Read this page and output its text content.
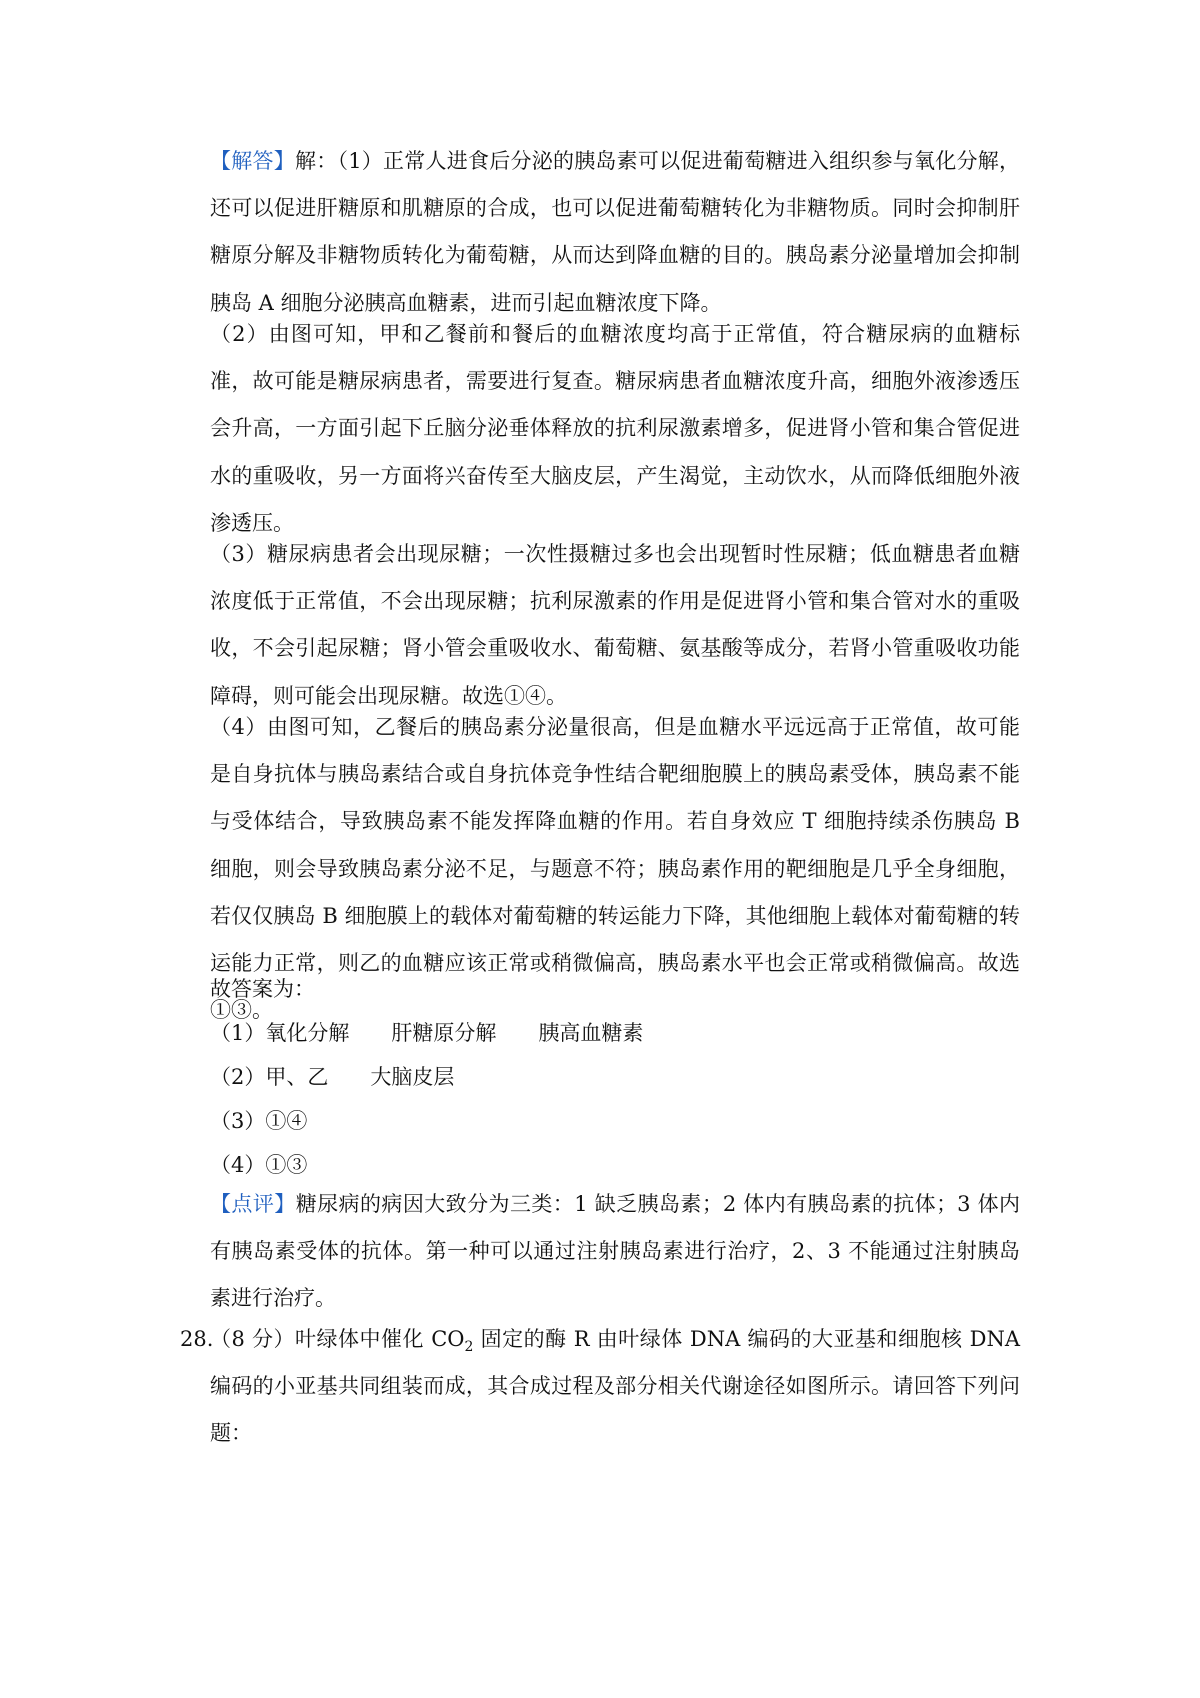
【解答】解：（1）正常人进食后分泌的胰岛素可以促进葡萄糖进入组织参与氧化分解，还可以促进肝糖原和肌糖原的合成，也可以促进葡萄糖转化为非糖物质。同时会抑制肝糖原分解及非糖物质转化为葡萄糖，从而达到降血糖的目的。胰岛素分泌量增加会抑制胰岛 A 细胞分泌胰高血糖素，进而引起血糖浓度下降。

（2）由图可知，甲和乙餐前和餐后的血糖浓度均高于正常值，符合糖尿病的血糖标准，故可能是糖尿病患者，需要进行复查。糖尿病患者血糖浓度升高，细胞外液渗透压会升高，一方面引起下丘脑分泌垂体释放的抗利尿激素增多，促进肾小管和集合管促进水的重吸收，另一方面将兴奋传至大脑皮层，产生渴觉，主动饮水，从而降低细胞外液渗透压。

（3）糖尿病患者会出现尿糖；一次性摄糖过多也会出现暂时性尿糖；低血糖患者血糖浓度低于正常值，不会出现尿糖；抗利尿激素的作用是促进肾小管和集合管对水的重吸收，不会引起尿糖；肾小管会重吸收水、葡萄糖、氨基酸等成分，若肾小管重吸收功能障碍，则可能会出现尿糖。故选①④。

（4）由图可知，乙餐后的胰岛素分泌量很高，但是血糖水平远远高于正常值，故可能是自身抗体与胰岛素结合或自身抗体竞争性结合靶细胞膜上的胰岛素受体，胰岛素不能与受体结合，导致胰岛素不能发挥降血糖的作用。若自身效应 T 细胞持续杀伤胰岛 B 细胞，则会导致胰岛素分泌不足，与题意不符；胰岛素作用的靶细胞是几乎全身细胞，若仅仅胰岛 B 细胞膜上的载体对葡萄糖的转运能力下降，其他细胞上载体对葡萄糖的转运能力正常，则乙的血糖应该正常或稍微偏高，胰岛素水平也会正常或稍微偏高。故选①③。

故答案为：
（1）氧化分解　　肝糖原分解　　胰高血糖素
（2）甲、乙　　大脑皮层
（3）①④
（4）①③

【点评】糖尿病的病因大致分为三类：1 缺乏胰岛素；2 体内有胰岛素的抗体；3 体内有胰岛素受体的抗体。第一种可以通过注射胰岛素进行治疗，2、3 不能通过注射胰岛素进行治疗。

28.

（8 分）叶绿体中催化 $CO_2$ 固定的酶 R 由叶绿体 DNA 编码的大亚基和细胞核 DNA 编码的小亚基共同组装而成，其合成过程及部分相关代谢途径如图所示。请回答下列问题：
